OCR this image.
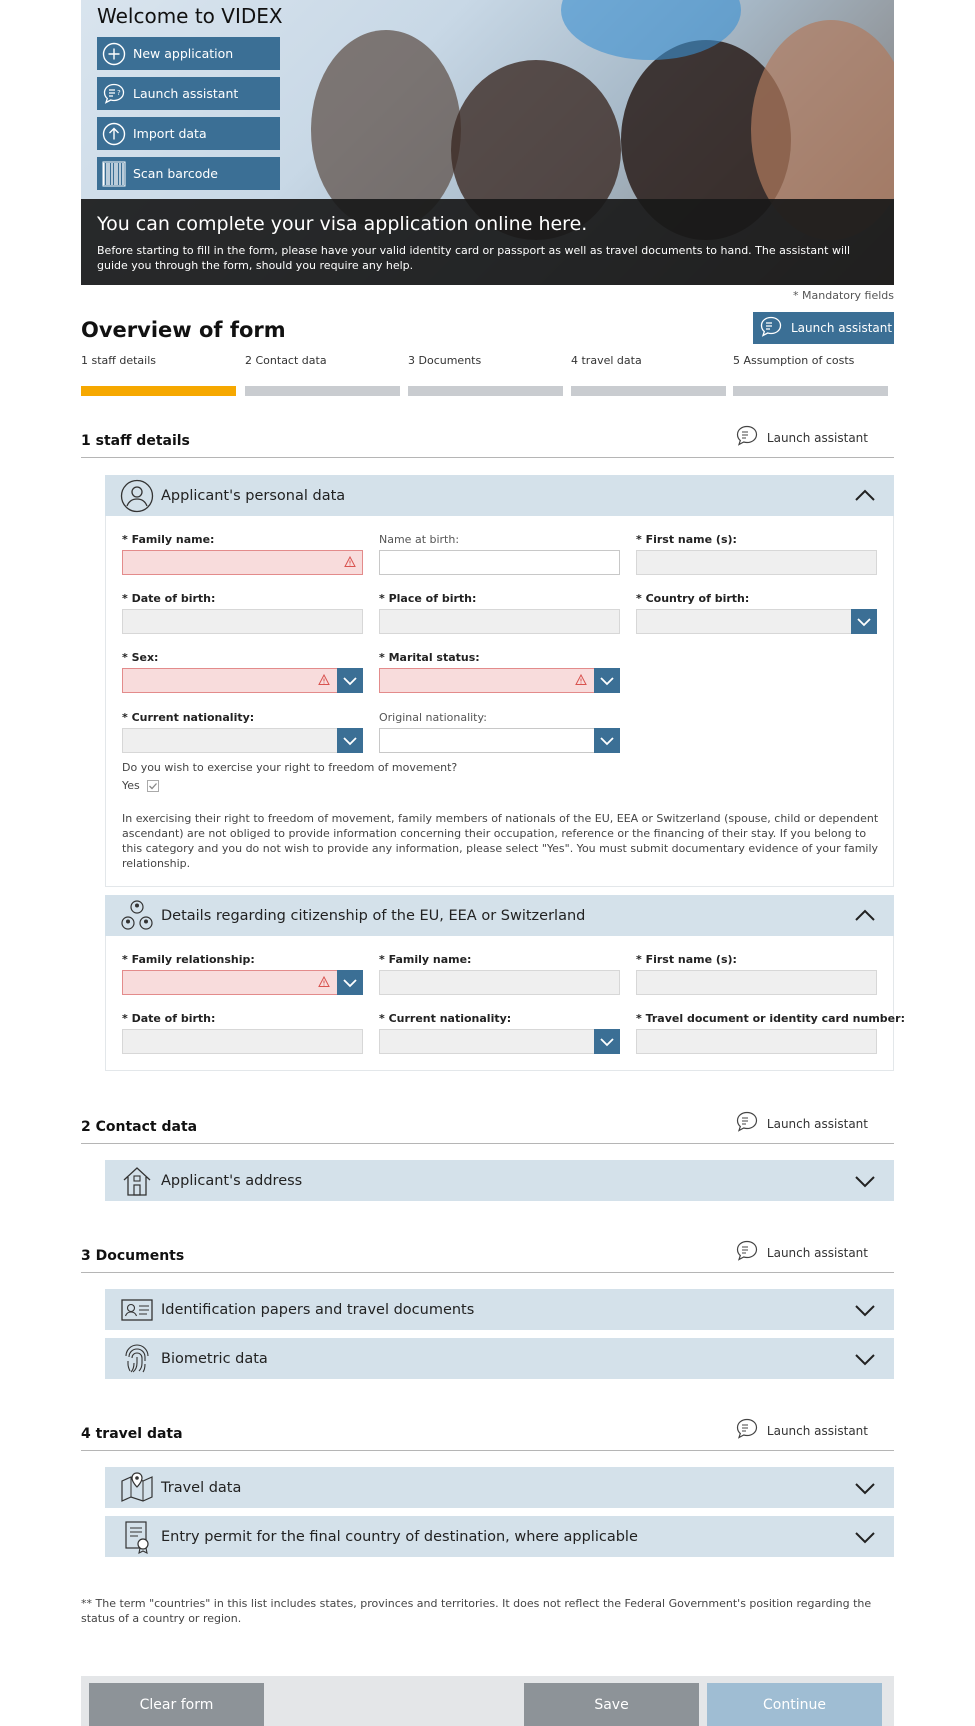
Welcome to VIDEX
New application
? Launch assistant
Import data
Scan barcode
You can complete your visa application online here.
Before starting to fill in the form, please have your valid identity card or passport as well as travel documents to hand. The assistant will guide you through the form, should you require any help.
* Mandatory fields
Overview of form	Launch assistant
1 staff details	2 Contact data	3 Documents	4 travel data	5 Assumption of costs
1 staff details	Launch assistant
Applicant's personal data
* Family name:	Name at birth:	* First name (s):
* Date of birth:	* Place of birth:	* Country of birth:
* Sex:	* Marital status:
* Current nationality:	Original nationality:
Do you wish to exercise your right to freedom of movement?
Yes
In exercising their right to freedom of movement, family members of nationals of the EU, EEA or Switzerland (spouse, child or dependent ascendant) are not obliged to provide information concerning their occupation, reference or the financing of their stay. If you belong to this category and you do not wish to provide any information, please select "Yes". You must submit documentary evidence of your family relationship.
Details regarding citizenship of the EU, EEA or Switzerland
* Family relationship:	* Family name:	* First name (s):
* Date of birth:	* Current nationality:	* Travel document or identity card number:
2 Contact data	Launch assistant
Applicant's address
3 Documents	Launch assistant
Identification papers and travel documents
Biometric data
4 travel data	Launch assistant
Travel data
Entry permit for the final country of destination, where applicable
** The term "countries" in this list includes states, provinces and territories. It does not reflect the Federal Government's position regarding the status of a country or region.
Clear form	Save	Continue
